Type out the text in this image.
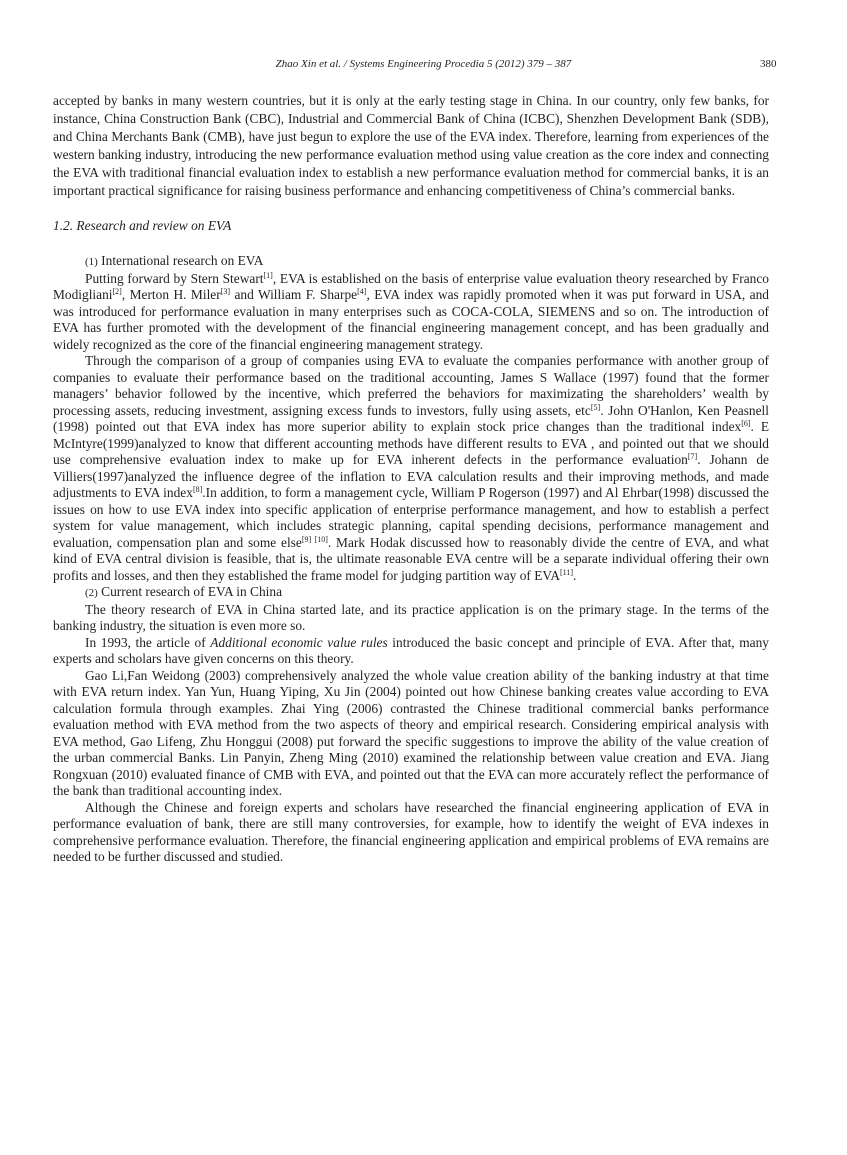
Zhao Xin et al. / Systems Engineering Procedia 5 (2012) 379 – 387	380

accepted by banks in many western countries, but it is only at the early testing stage in China. In our country, only few banks, for instance, China Construction Bank (CBC), Industrial and Commercial Bank of China (ICBC), Shenzhen Development Bank (SDB), and China Merchants Bank (CMB), have just begun to explore the use of the EVA index. Therefore, learning from experiences of the western banking industry, introducing the new performance evaluation method using value creation as the core index and connecting the EVA with traditional financial evaluation index to establish a new performance evaluation method for commercial banks, it is an important practical significance for raising business performance and enhancing competitiveness of China’s commercial banks.

1.2. Research and review on EVA

(1) International research on EVA

Putting forward by Stern Stewart[1], EVA is established on the basis of enterprise value evaluation theory researched by Franco Modigliani[2], Merton H. Miler[3] and William F. Sharpe[4], EVA index was rapidly promoted when it was put forward in USA, and was introduced for performance evaluation in many enterprises such as COCA-COLA, SIEMENS and so on. The introduction of EVA has further promoted with the development of the financial engineering management concept, and has been gradually and widely recognized as the core of the financial engineering management strategy.

Through the comparison of a group of companies using EVA to evaluate the companies performance with another group of companies to evaluate their performance based on the traditional accounting, James S Wallace (1997) found that the former managers’ behavior followed by the incentive, which preferred the behaviors for maximizating the shareholders’ wealth by processing assets, reducing investment, assigning excess funds to investors, fully using assets, etc[5]. John O'Hanlon, Ken Peasnell (1998) pointed out that EVA index has more superior ability to explain stock price changes than the traditional index[6]. E McIntyre(1999)analyzed to know that different accounting methods have different results to EVA , and pointed out that we should use comprehensive evaluation index to make up for EVA inherent defects in the performance evaluation[7]. Johann de Villiers(1997)analyzed the influence degree of the inflation to EVA calculation results and their improving methods, and made adjustments to EVA index[8].In addition, to form a management cycle, William P Rogerson (1997) and Al Ehrbar(1998) discussed the issues on how to use EVA index into specific application of enterprise performance management, and how to establish a perfect system for value management, which includes strategic planning, capital spending decisions, performance management and evaluation, compensation plan and some else[9] [10]. Mark Hodak discussed how to reasonably divide the centre of EVA, and what kind of EVA central division is feasible, that is, the ultimate reasonable EVA centre will be a separate individual offering their own profits and losses, and then they established the frame model for judging partition way of EVA[11].

(2) Current research of EVA in China

The theory research of EVA in China started late, and its practice application is on the primary stage. In the terms of the banking industry, the situation is even more so.

In 1993, the article of Additional economic value rules introduced the basic concept and principle of EVA. After that, many experts and scholars have given concerns on this theory.

Gao Li,Fan Weidong (2003) comprehensively analyzed the whole value creation ability of the banking industry at that time with EVA return index. Yan Yun, Huang Yiping, Xu Jin (2004) pointed out how Chinese banking creates value according to EVA calculation formula through examples. Zhai Ying (2006) contrasted the Chinese traditional commercial banks performance evaluation method with EVA method from the two aspects of theory and empirical research. Considering empirical analysis with EVA method, Gao Lifeng, Zhu Honggui (2008) put forward the specific suggestions to improve the ability of the value creation of the urban commercial Banks. Lin Panyin, Zheng Ming (2010) examined the relationship between value creation and EVA. Jiang Rongxuan (2010) evaluated finance of CMB with EVA, and pointed out that the EVA can more accurately reflect the performance of the bank than traditional accounting index.

Although the Chinese and foreign experts and scholars have researched the financial engineering application of EVA in performance evaluation of bank, there are still many controversies, for example, how to identify the weight of EVA indexes in comprehensive performance evaluation. Therefore, the financial engineering application and empirical problems of EVA remains are needed to be further discussed and studied.
